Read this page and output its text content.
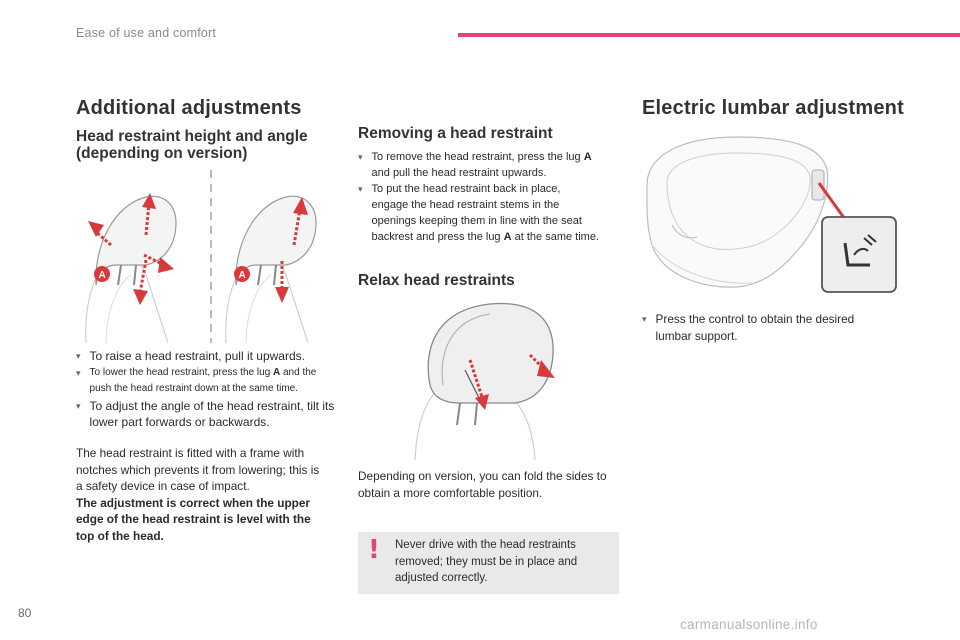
Ease of use and comfort
Additional adjustments
Head restraint height and angle
(depending on version)
A	A
▾ To raise a head restraint, pull it upwards.
▾ To lower the head restraint, press the lug A and the
push the head restraint down at the same time.
▾ To adjust the angle of the head restraint, tilt its lower part forwards or backwards.
The head restraint is fitted with a frame with
notches which prevents it from lowering; this is
a safety device in case of impact.
The adjustment is correct when the upper
edge of the head restraint is level with the
top of the head.
Removing a head restraint
▾ To remove the head restraint, press the lug A
and pull the head restraint upwards.
▾ To put the head restraint back in place,
engage the head restraint stems in the
openings keeping them in line with the seat
backrest and press the lug A at the same time.
Relax head restraints
Depending on version, you can fold the sides to
obtain a more comfortable position.
!	Never drive with the head restraints
removed; they must be in place and
adjusted correctly.
Electric lumbar adjustment
▾ Press the control to obtain the desired
lumbar support.
80
carmanualsonline.info
